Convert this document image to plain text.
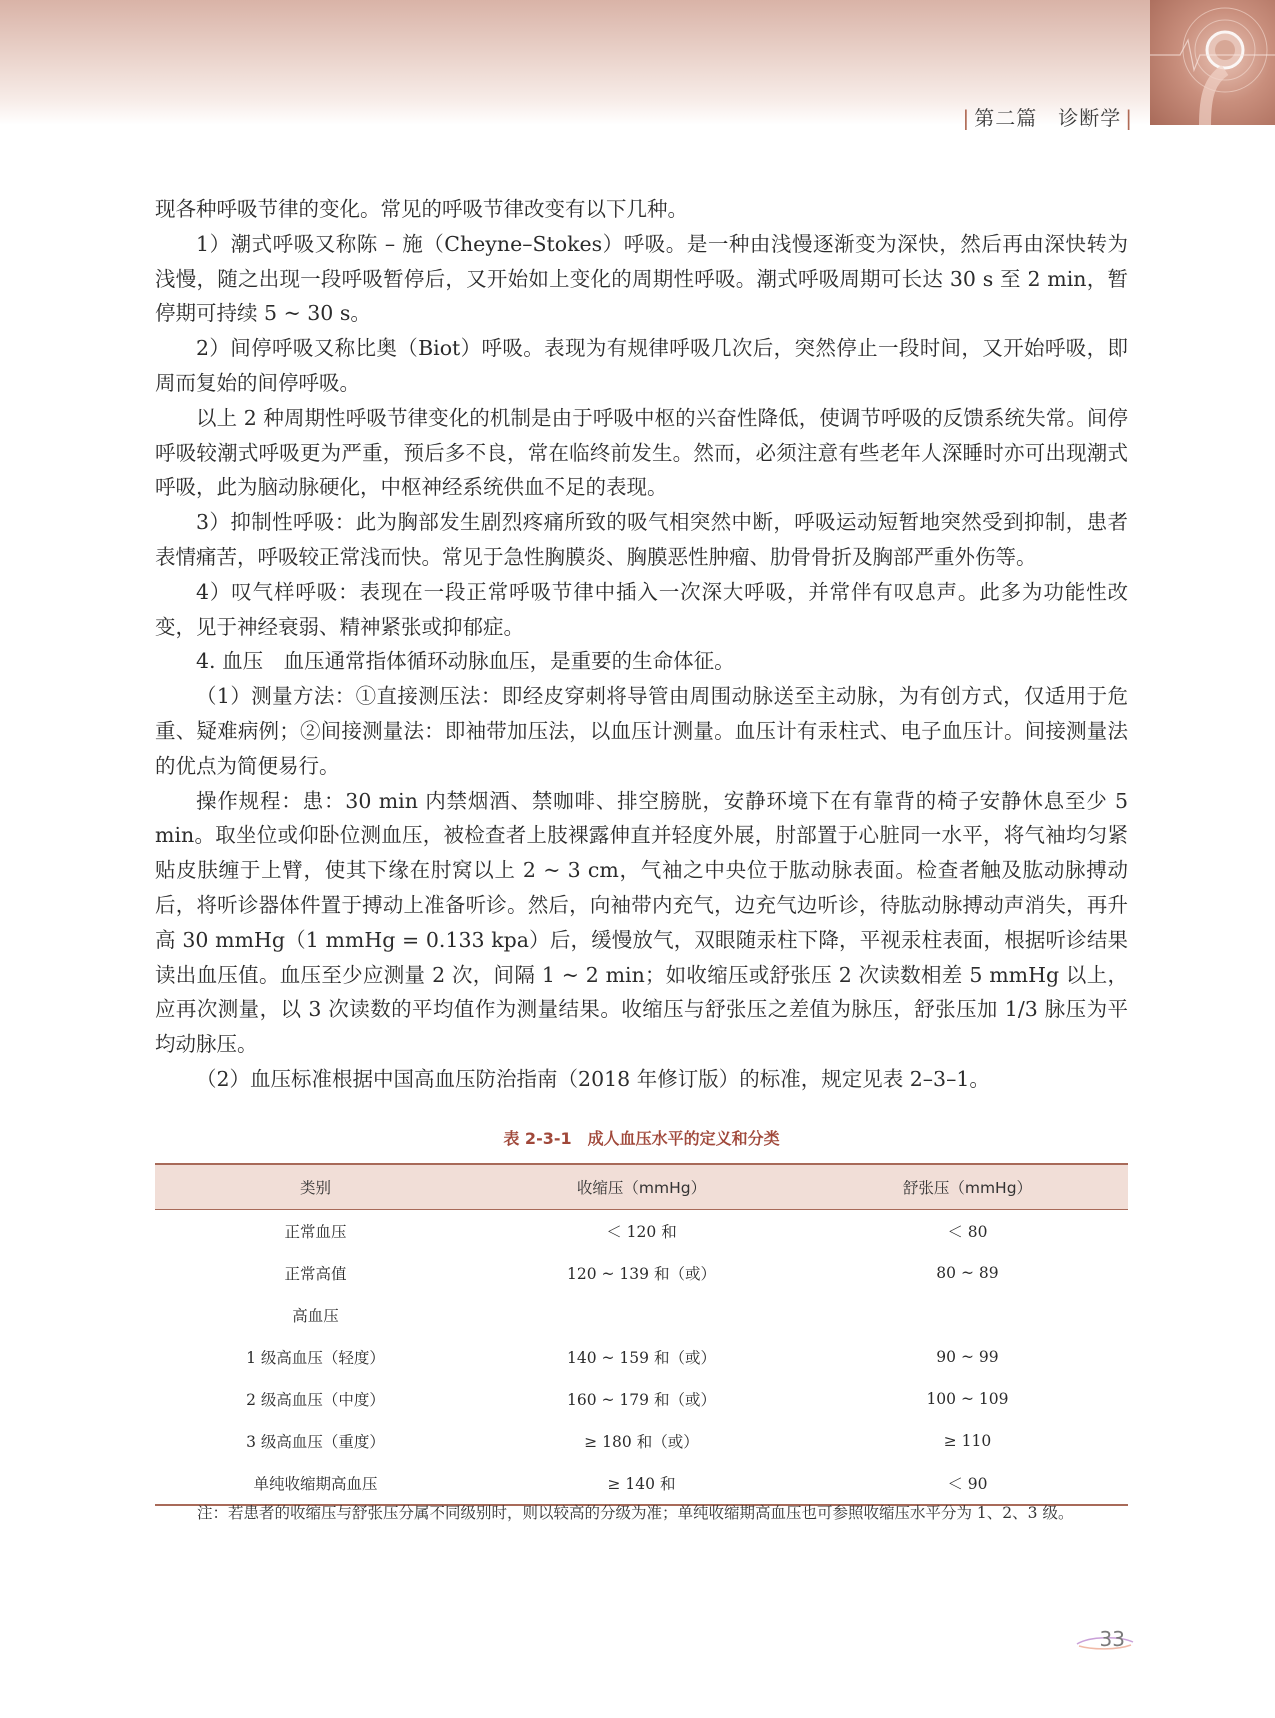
| 第二篇　诊断学 |

现各种呼吸节律的变化。常见的呼吸节律改变有以下几种。

1）潮式呼吸又称陈 – 施（Cheyne–Stokes）呼吸。是一种由浅慢逐渐变为深快，然后再由深快转为浅慢，随之出现一段呼吸暂停后，又开始如上变化的周期性呼吸。潮式呼吸周期可长达 30 s 至 2 min，暂停期可持续 5 ~ 30 s。

2）间停呼吸又称比奥（Biot）呼吸。表现为有规律呼吸几次后，突然停止一段时间，又开始呼吸，即周而复始的间停呼吸。

以上 2 种周期性呼吸节律变化的机制是由于呼吸中枢的兴奋性降低，使调节呼吸的反馈系统失常。间停呼吸较潮式呼吸更为严重，预后多不良，常在临终前发生。然而，必须注意有些老年人深睡时亦可出现潮式呼吸，此为脑动脉硬化，中枢神经系统供血不足的表现。

3）抑制性呼吸：此为胸部发生剧烈疼痛所致的吸气相突然中断，呼吸运动短暂地突然受到抑制，患者表情痛苦，呼吸较正常浅而快。常见于急性胸膜炎、胸膜恶性肿瘤、肋骨骨折及胸部严重外伤等。

4）叹气样呼吸：表现在一段正常呼吸节律中插入一次深大呼吸，并常伴有叹息声。此多为功能性改变，见于神经衰弱、精神紧张或抑郁症。

4. 血压　血压通常指体循环动脉血压，是重要的生命体征。

（1）测量方法：①直接测压法：即经皮穿刺将导管由周围动脉送至主动脉，为有创方式，仅适用于危重、疑难病例；②间接测量法：即袖带加压法，以血压计测量。血压计有汞柱式、电子血压计。间接测量法的优点为简便易行。

操作规程：患：30 min 内禁烟酒、禁咖啡、排空膀胱，安静环境下在有靠背的椅子安静休息至少 5 min。取坐位或仰卧位测血压，被检查者上肢裸露伸直并轻度外展，肘部置于心脏同一水平，将气袖均匀紧贴皮肤缠于上臂，使其下缘在肘窝以上 2 ~ 3 cm，气袖之中央位于肱动脉表面。检查者触及肱动脉搏动后，将听诊器体件置于搏动上准备听诊。然后，向袖带内充气，边充气边听诊，待肱动脉搏动声消失，再升高 30 mmHg（1 mmHg = 0.133 kpa）后，缓慢放气，双眼随汞柱下降，平视汞柱表面，根据听诊结果读出血压值。血压至少应测量 2 次，间隔 1 ~ 2 min；如收缩压或舒张压 2 次读数相差 5 mmHg 以上，应再次测量，以 3 次读数的平均值作为测量结果。收缩压与舒张压之差值为脉压，舒张压加 1/3 脉压为平均动脉压。

（2）血压标准根据中国高血压防治指南（2018 年修订版）的标准，规定见表 2–3–1。

表 2-3-1　成人血压水平的定义和分类
类别	收缩压（mmHg）	舒张压（mmHg）
正常血压	＜ 120 和	＜ 80
正常高值	120 ~ 139 和（或）	80 ~ 89
高血压		
1 级高血压（轻度）	140 ~ 159 和（或）	90 ~ 99
2 级高血压（中度）	160 ~ 179 和（或）	100 ~ 109
3 级高血压（重度）	≥ 180 和（或）	≥ 110
单纯收缩期高血压	≥ 140 和	＜ 90
注：若患者的收缩压与舒张压分属不同级别时，则以较高的分级为准；单纯收缩期高血压也可参照收缩压水平分为 1、2、3 级。
33
